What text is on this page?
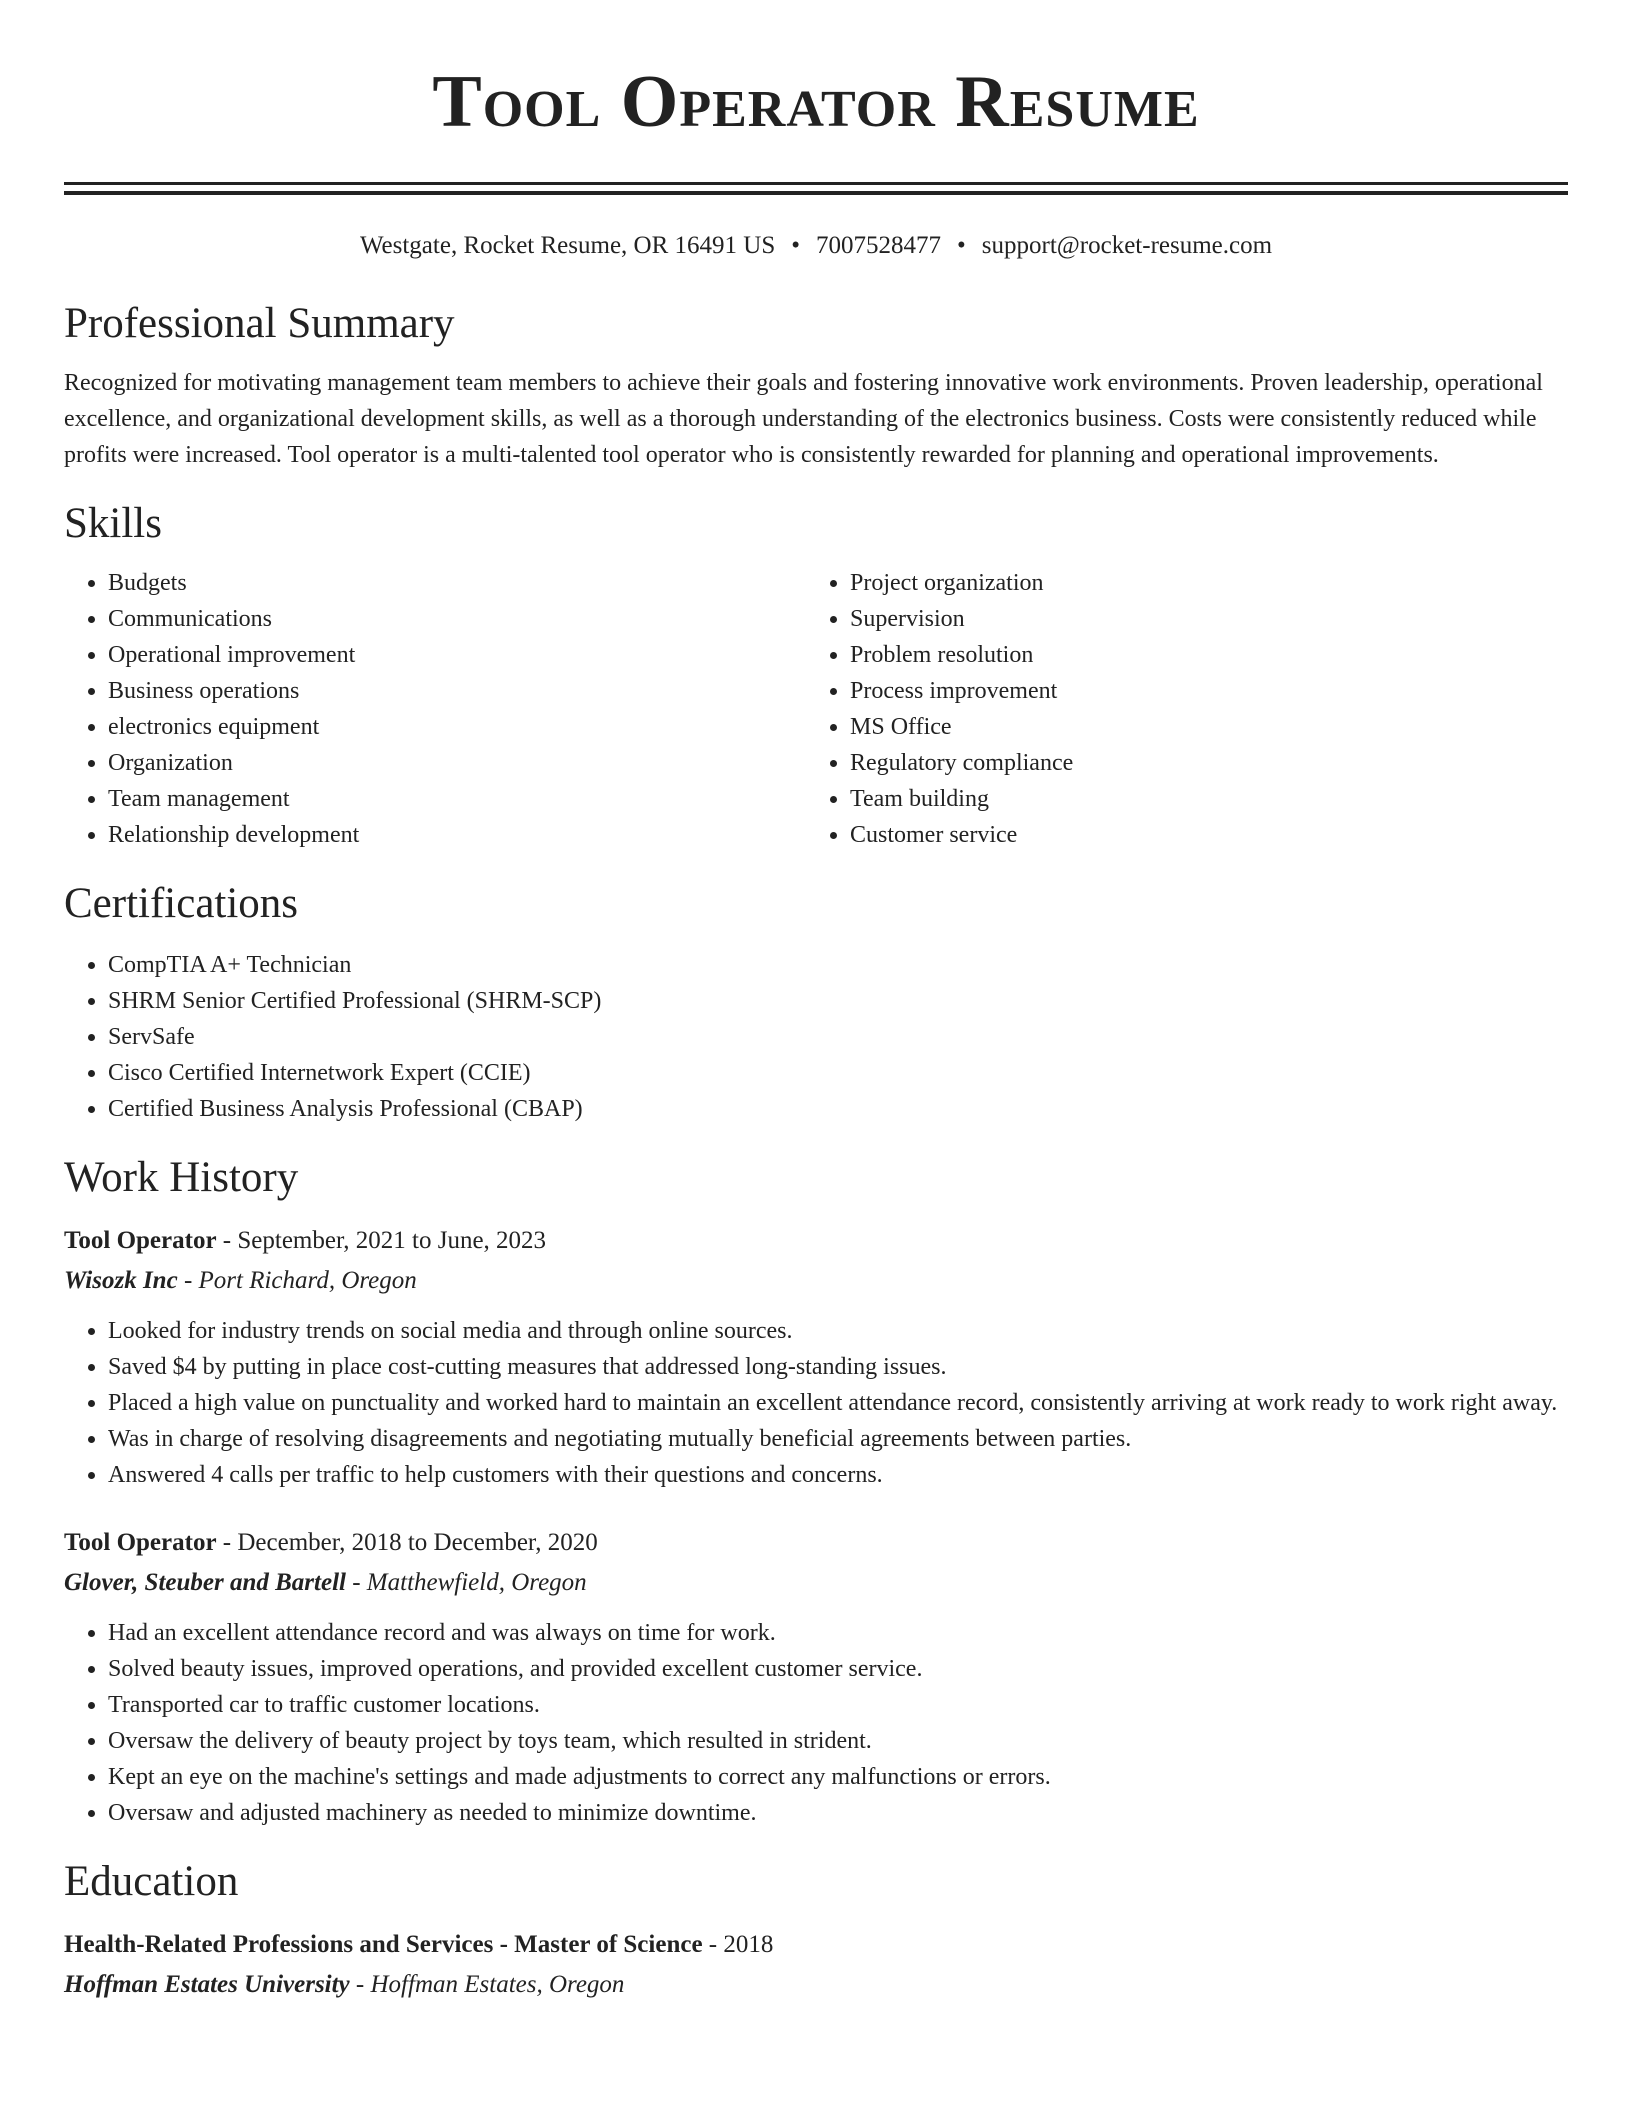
Tool Operator Resume
Westgate, Rocket Resume, OR 16491 US • 7007528477 • support@rocket-resume.com
Professional Summary

Recognized for motivating management team members to achieve their goals and fostering innovative work environments. Proven leadership, operational excellence, and organizational development skills, as well as a thorough understanding of the electronics business. Costs were consistently reduced while profits were increased. Tool operator is a multi-talented tool operator who is consistently rewarded for planning and operational improvements.

Skills
• Budgets
• Communications
• Operational improvement
• Business operations
• electronics equipment
• Organization
• Team management
• Relationship development
• Project organization
• Supervision
• Problem resolution
• Process improvement
• MS Office
• Regulatory compliance
• Team building
• Customer service
Certifications
• CompTIA A+ Technician
• SHRM Senior Certified Professional (SHRM-SCP)
• ServSafe
• Cisco Certified Internetwork Expert (CCIE)
• Certified Business Analysis Professional (CBAP)
Work History
Tool Operator - September, 2021 to June, 2023
Wisozk Inc - Port Richard, Oregon
• Looked for industry trends on social media and through online sources.
• Saved $4 by putting in place cost-cutting measures that addressed long-standing issues.
• Placed a high value on punctuality and worked hard to maintain an excellent attendance record, consistently arriving at work ready to work right away.
• Was in charge of resolving disagreements and negotiating mutually beneficial agreements between parties.
• Answered 4 calls per traffic to help customers with their questions and concerns.
Tool Operator - December, 2018 to December, 2020
Glover, Steuber and Bartell - Matthewfield, Oregon
• Had an excellent attendance record and was always on time for work.
• Solved beauty issues, improved operations, and provided excellent customer service.
• Transported car to traffic customer locations.
• Oversaw the delivery of beauty project by toys team, which resulted in strident.
• Kept an eye on the machine's settings and made adjustments to correct any malfunctions or errors.
• Oversaw and adjusted machinery as needed to minimize downtime.
Education
Health-Related Professions and Services - Master of Science - 2018
Hoffman Estates University - Hoffman Estates, Oregon
